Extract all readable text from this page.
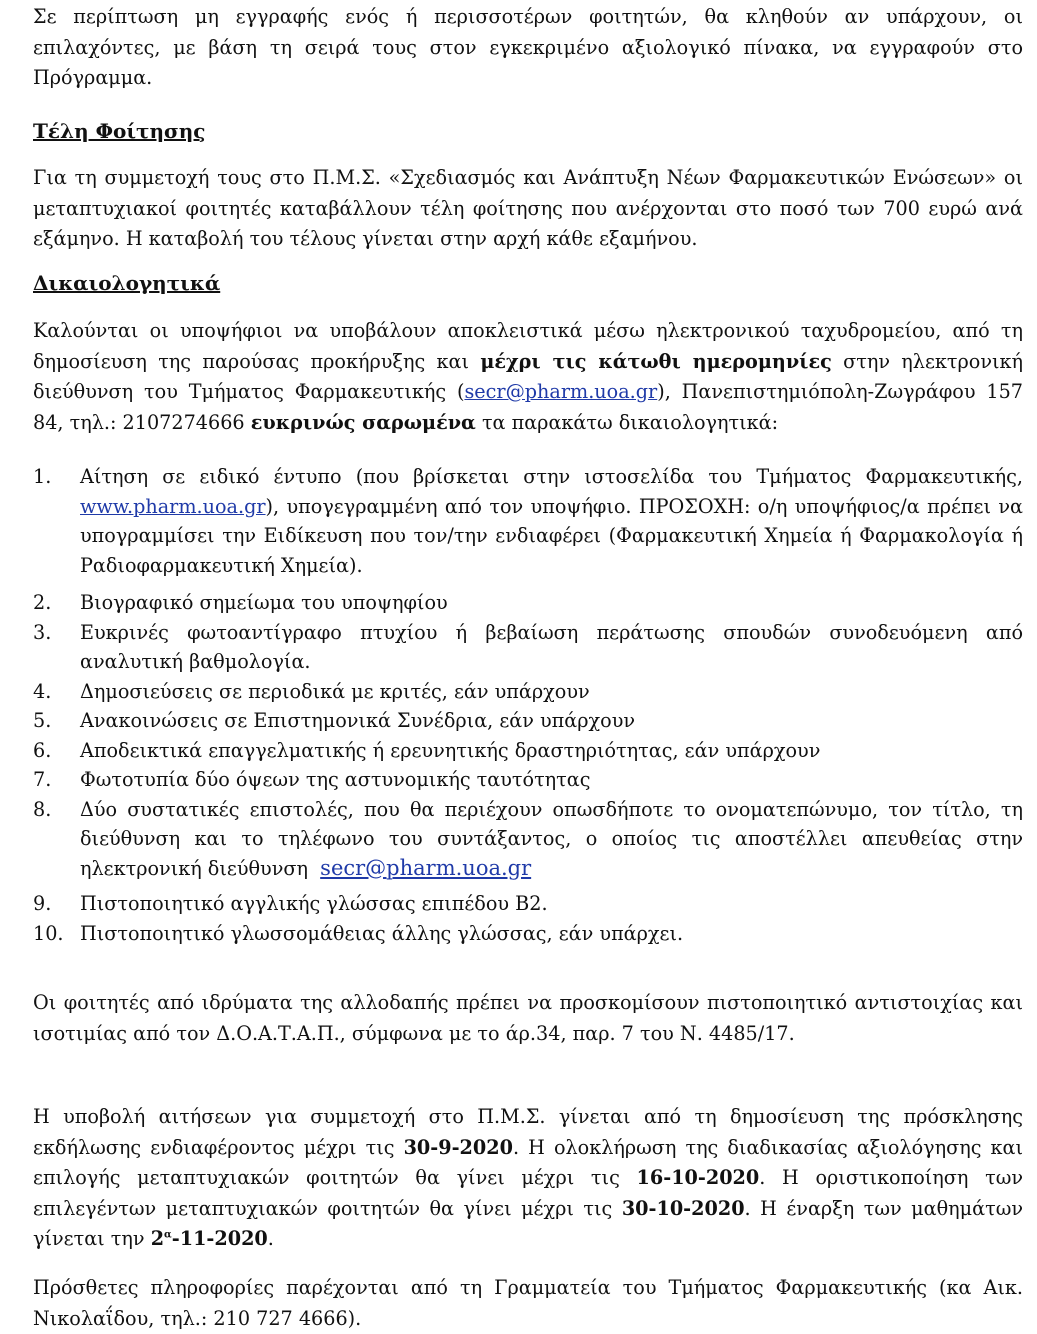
Σε περίπτωση μη εγγραφής ενός ή περισσοτέρων φοιτητών, θα κληθούν αν υπάρχουν, οι επιλαχόντες, με βάση τη σειρά τους στον εγκεκριμένο αξιολογικό πίνακα, να εγγραφούν στο Πρόγραμμα.

Τέλη Φοίτησης

Για τη συμμετοχή τους στο Π.Μ.Σ. «Σχεδιασμός και Ανάπτυξη Νέων Φαρμακευτικών Ενώσεων» οι μεταπτυχιακοί φοιτητές καταβάλλουν τέλη φοίτησης που ανέρχονται στο ποσό των 700 ευρώ ανά εξάμηνο. Η καταβολή του τέλους γίνεται στην αρχή κάθε εξαμήνου.

Δικαιολογητικά

Καλούνται οι υποψήφιοι να υποβάλουν αποκλειστικά μέσω ηλεκτρονικού ταχυδρομείου, από τη δημοσίευση της παρούσας προκήρυξης και μέχρι τις κάτωθι ημερομηνίες στην ηλεκτρονική διεύθυνση του Τμήματος Φαρμακευτικής (secr@pharm.uoa.gr), Πανεπιστημιόπολη-Ζωγράφου 157 84, τηλ.: 2107274666 ευκρινώς σαρωμένα τα παρακάτω δικαιολογητικά:

1. Αίτηση σε ειδικό έντυπο (που βρίσκεται στην ιστοσελίδα του Τμήματος Φαρμακευτικής, www.pharm.uoa.gr), υπογεγραμμένη από τον υποψήφιο. ΠΡΟΣΟΧΗ: ο/η υποψήφιος/α πρέπει να υπογραμμίσει την Ειδίκευση που τον/την ενδιαφέρει (Φαρμακευτική Χημεία ή Φαρμακολογία ή Ραδιοφαρμακευτική Χημεία).
2. Βιογραφικό σημείωμα του υποψηφίου
3. Ευκρινές φωτοαντίγραφο πτυχίου ή βεβαίωση περάτωσης σπουδών συνοδευόμενη από αναλυτική βαθμολογία.
4. Δημοσιεύσεις σε περιοδικά με κριτές, εάν υπάρχουν
5. Ανακοινώσεις σε Επιστημονικά Συνέδρια, εάν υπάρχουν
6. Αποδεικτικά επαγγελματικής ή ερευνητικής δραστηριότητας, εάν υπάρχουν
7. Φωτοτυπία δύο όψεων της αστυνομικής ταυτότητας
8. Δύο συστατικές επιστολές, που θα περιέχουν οπωσδήποτε το ονοματεπώνυμο, τον τίτλο, τη διεύθυνση και το τηλέφωνο του συντάξαντος, ο οποίος τις αποστέλλει απευθείας στην ηλεκτρονική διεύθυνση secr@pharm.uoa.gr
9. Πιστοποιητικό αγγλικής γλώσσας επιπέδου Β2.
10. Πιστοποιητικό γλωσσομάθειας άλλης γλώσσας, εάν υπάρχει.

Οι φοιτητές από ιδρύματα της αλλοδαπής πρέπει να προσκομίσουν πιστοποιητικό αντιστοιχίας και ισοτιμίας από τον Δ.Ο.Α.Τ.Α.Π., σύμφωνα με το άρ.34, παρ. 7 του Ν. 4485/17.

Η υποβολή αιτήσεων για συμμετοχή στο Π.Μ.Σ. γίνεται από τη δημοσίευση της πρόσκλησης εκδήλωσης ενδιαφέροντος μέχρι τις 30-9-2020. Η ολοκλήρωση της διαδικασίας αξιολόγησης και επιλογής μεταπτυχιακών φοιτητών θα γίνει μέχρι τις 16-10-2020. Η οριστικοποίηση των επιλεγέντων μεταπτυχιακών φοιτητών θα γίνει μέχρι τις 30-10-2020. Η έναρξη των μαθημάτων γίνεται την $2^\alpha-11-2020$.

Πρόσθετες πληροφορίες παρέχονται από τη Γραμματεία του Τμήματος Φαρμακευτικής (κα Αικ. Νικολαΐδου, τηλ.: 210 727 4666).
